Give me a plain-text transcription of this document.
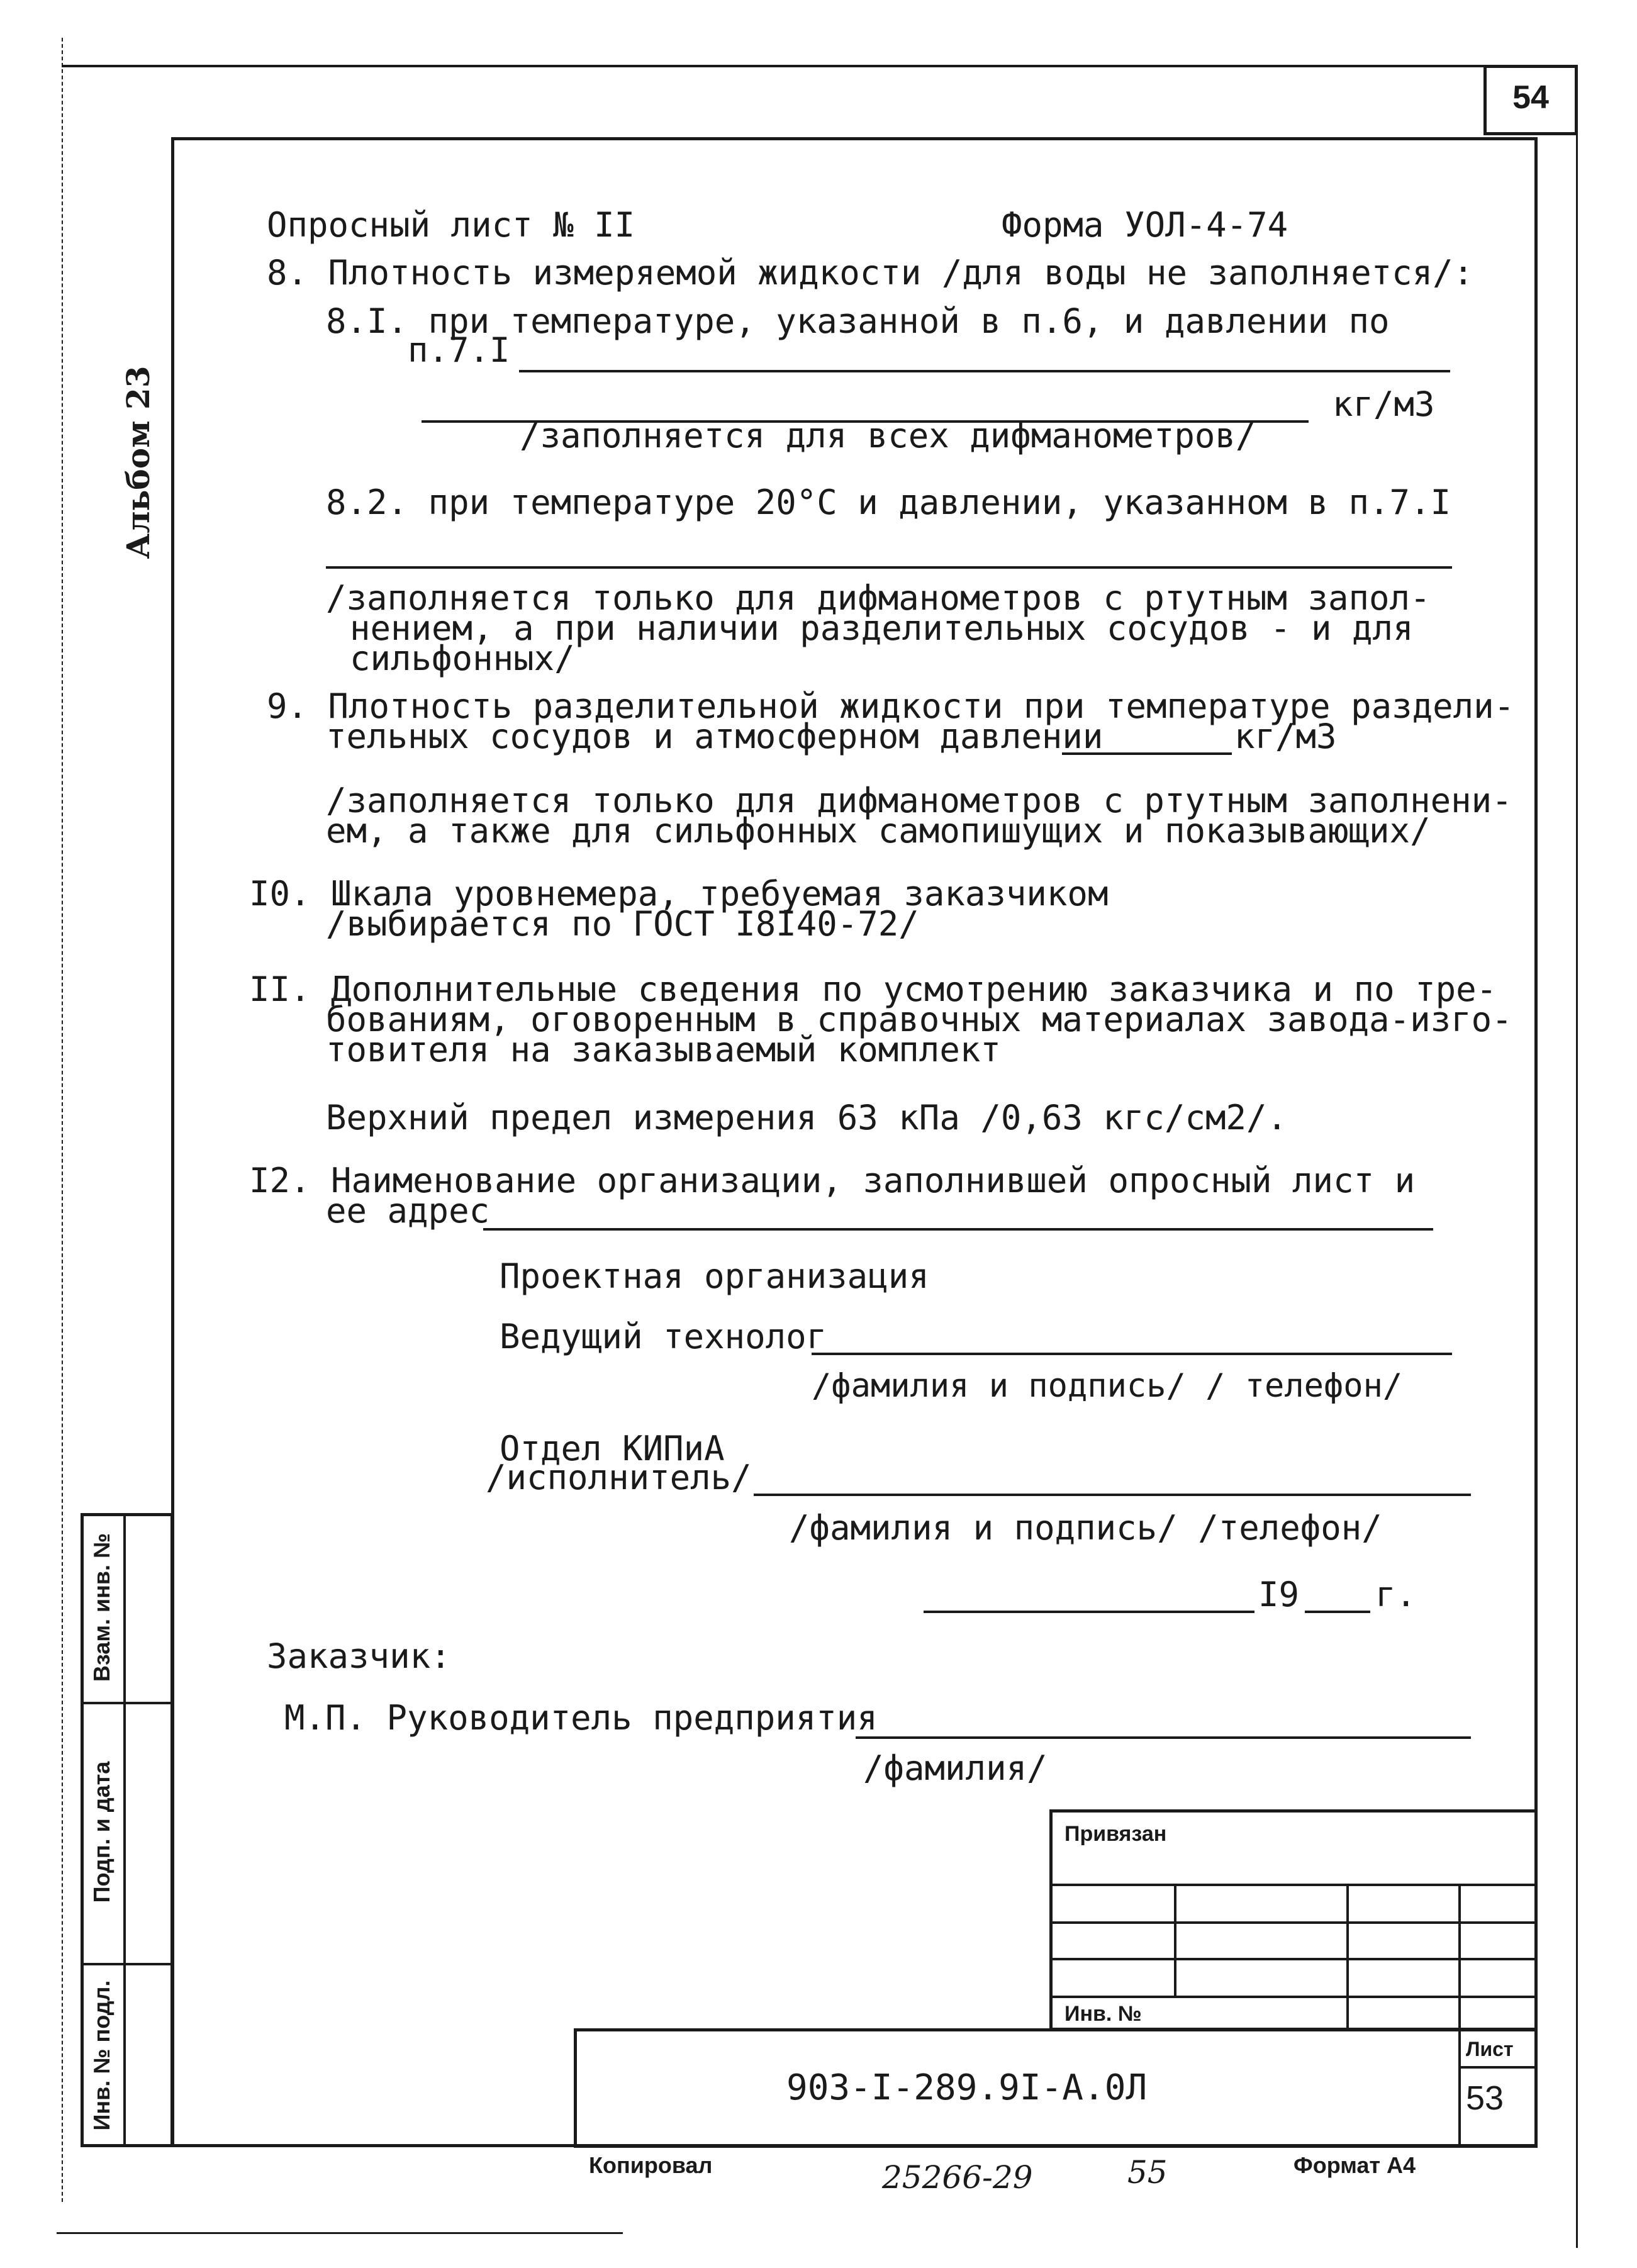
54
Альбом 23
Взам. инв. №
Подп. и дата
Инв. № подл.
Опросный лист № II	Форма УОЛ-4-74
8. Плотность измеряемой жидкости /для воды не заполняется/:
8.I. при температуре, указанной в п.6, и давлении по
п.7.I
кг/м3
/заполняется для всех дифманометров/
8.2. при температуре 20°С и давлении, указанном в п.7.I
/заполняется только для дифманометров с ртутным запол-
нением, а при наличии разделительных сосудов - и для
сильфонных/
9. Плотность разделительной жидкости при температуре раздели-
тельных сосудов и атмосферном давлении	кг/м3
/заполняется только для дифманометров с ртутным заполнени-
ем, а также для сильфонных самопишущих и показывающих/
I0. Шкала уровнемера, требуемая заказчиком
/выбирается по ГОСТ I8I40-72/
II. Дополнительные сведения по усмотрению заказчика и по тре-
бованиям, оговоренным в справочных материалах завода-изго-
товителя на заказываемый комплект
Верхний предел измерения 63 кПа /0,63 кгс/см2/.
I2. Наименование организации, заполнившей опросный лист и
ее адрес
Проектная организация
Ведущий технолог
/фамилия и подпись/ / телефон/
Отдел КИПиА
/исполнитель/
/фамилия и подпись/ /телефон/
I9 г.
Заказчик:
М.П. Руководитель предприятия
/фамилия/
Привязан
Инв. №
903-I-289.9I-А.0Л
Лист
53
Копировал	25266-29	55	Формат А4
